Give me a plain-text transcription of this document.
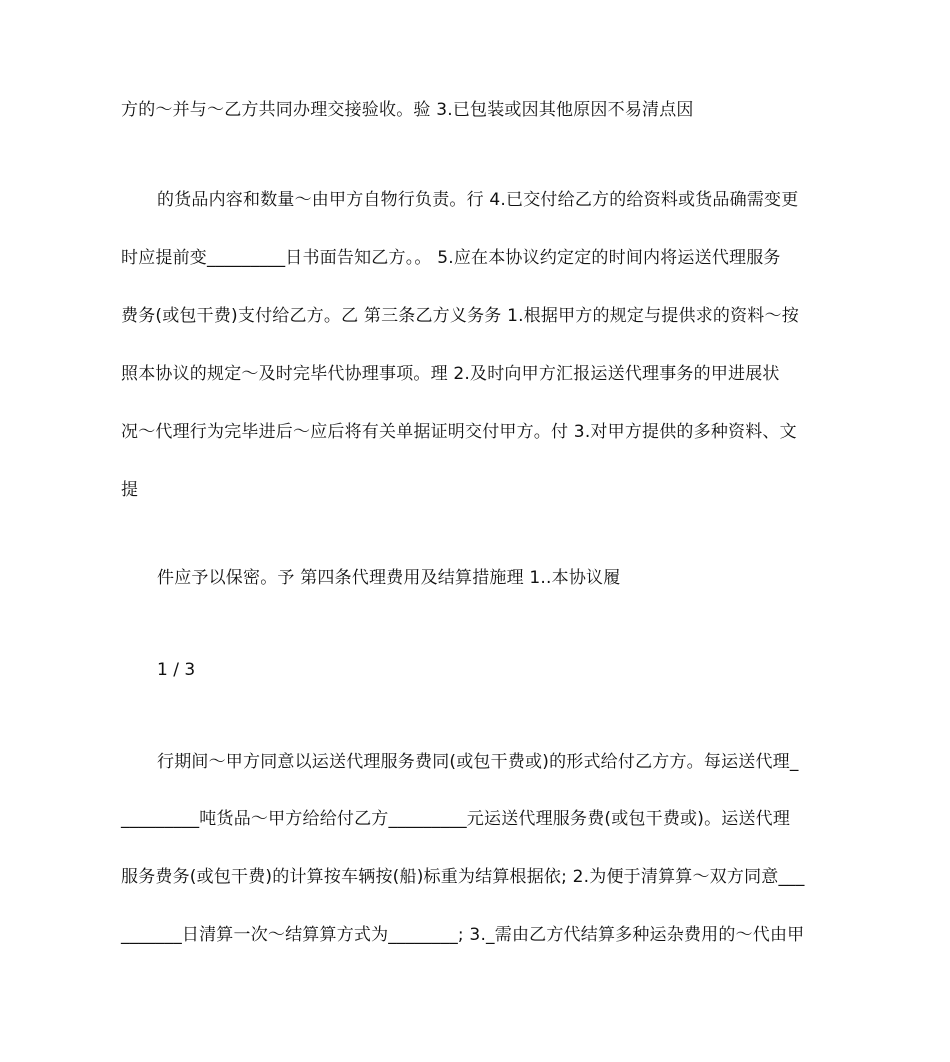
方的～并与～乙方共同办理交接验收。验 3.已包装或因其他原因不易清点因
的货品内容和数量～由甲方自物行负责。行 4.已交付给乙方的给资料或货品确需变更
时应提前变_________日书面告知乙方。。 5.应在本协议约定定的时间内将运送代理服务
费务(或包干费)支付给乙方。乙 第三条乙方义务务 1.根据甲方的规定与提供求的资料～按
照本协议的规定～及时完毕代协理事项。理 2.及时向甲方汇报运送代理事务的甲进展状
况～代理行为完毕进后～应后将有关单据证明交付甲方。付 3.对甲方提供的多种资料、文
提
件应予以保密。予 第四条代理费用及结算措施理 1..本协议履
1 / 3
行期间～甲方同意以运送代理服务费同(或包干费或)的形式给付乙方方。每运送代理_
_________吨货品～甲方给给付乙方_________元运送代理服务费(或包干费或)。运送代理
服务费务(或包干费)的计算按车辆按(船)标重为结算根据依; 2.为便于清算算～双方同意___
_______日清算一次～结算算方式为________; 3._需由乙方代结算多种运杂费用的～代由甲
